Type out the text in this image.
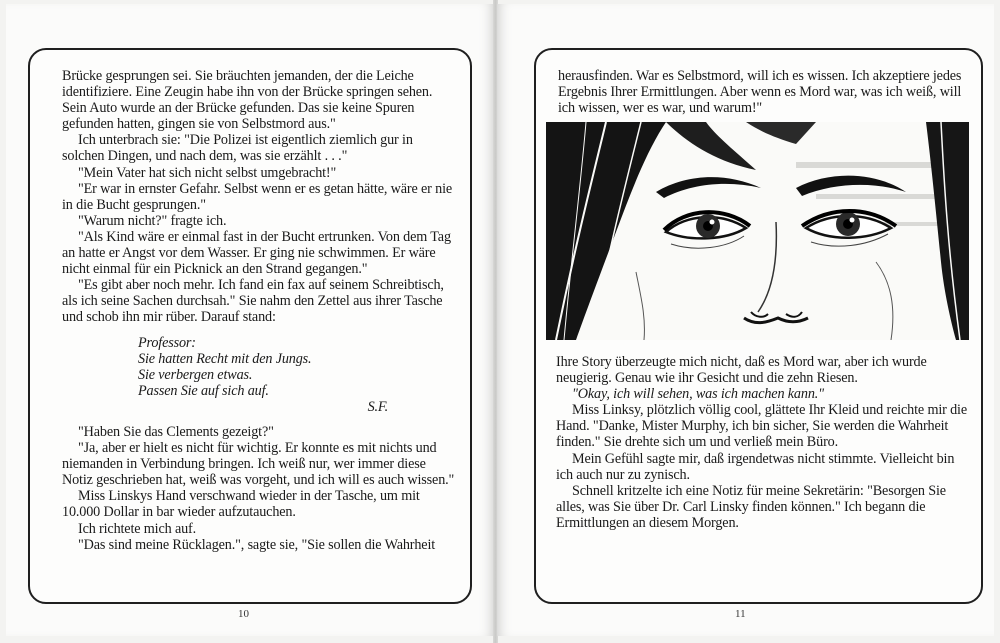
Brücke gesprungen sei. Sie bräuchten jemanden, der die Leiche identifiziere. Eine Zeugin habe ihn von der Brücke springen sehen.

Sein Auto wurde an der Brücke gefunden. Das sie keine Spuren gefunden hatten, gingen sie von Selbstmord aus."

Ich unterbrach sie: "Die Polizei ist eigentlich ziemlich gur in solchen Dingen, und nach dem, was sie erzählt . . ."

"Mein Vater hat sich nicht selbst umgebracht!"

"Er war in ernster Gefahr. Selbst wenn er es getan hätte, wäre er nie in die Bucht gesprungen."

"Warum nicht?" fragte ich.

"Als Kind wäre er einmal fast in der Bucht ertrunken. Von dem Tag an hatte er Angst vor dem Wasser. Er ging nie schwimmen. Er wäre nicht einmal für ein Picknick an den Strand gegangen."

"Es gibt aber noch mehr. Ich fand ein fax auf seinem Schreibtisch, als ich seine Sachen durchsah." Sie nahm den Zettel aus ihrer Tasche und schob ihn mir rüber. Darauf stand:

Professor:

Sie hatten Recht mit den Jungs.

Sie verbergen etwas.

Passen Sie auf sich auf.

S.F.

"Haben Sie das Clements gezeigt?"

"Ja, aber er hielt es nicht für wichtig. Er konnte es mit nichts und niemanden in Verbindung bringen. Ich weiß nur, wer immer diese Notiz geschrieben hat, weiß was vorgeht, und ich will es auch wissen."

Miss Linskys Hand verschwand wieder in der Tasche, um mit 10.000 Dollar in bar wieder aufzutauchen.

Ich richtete mich auf.

"Das sind meine Rücklagen.", sagte sie, "Sie sollen die Wahrheit

10

herausfinden. War es Selbstmord, will ich es wissen. Ich akzeptiere jedes Ergebnis Ihrer Ermittlungen. Aber wenn es Mord war, was ich weiß, will ich wissen, wer es war, und warum!"

Ihre Story überzeugte mich nicht, daß es Mord war, aber ich wurde neugierig. Genau wie ihr Gesicht und die zehn Riesen.

"Okay, ich will sehen, was ich machen kann."

Miss Linksy, plötzlich völlig cool, glättete Ihr Kleid und reichte mir die Hand. "Danke, Mister Murphy, ich bin sicher, Sie werden die Wahrheit finden." Sie drehte sich um und verließ mein Büro.

Mein Gefühl sagte mir, daß irgendetwas nicht stimmte. Vielleicht bin ich auch nur zu zynisch.

Schnell kritzelte ich eine Notiz für meine Sekretärin: "Besorgen Sie alles, was Sie über Dr. Carl Linsky finden können." Ich begann die Ermittlungen an diesem Morgen.

11
